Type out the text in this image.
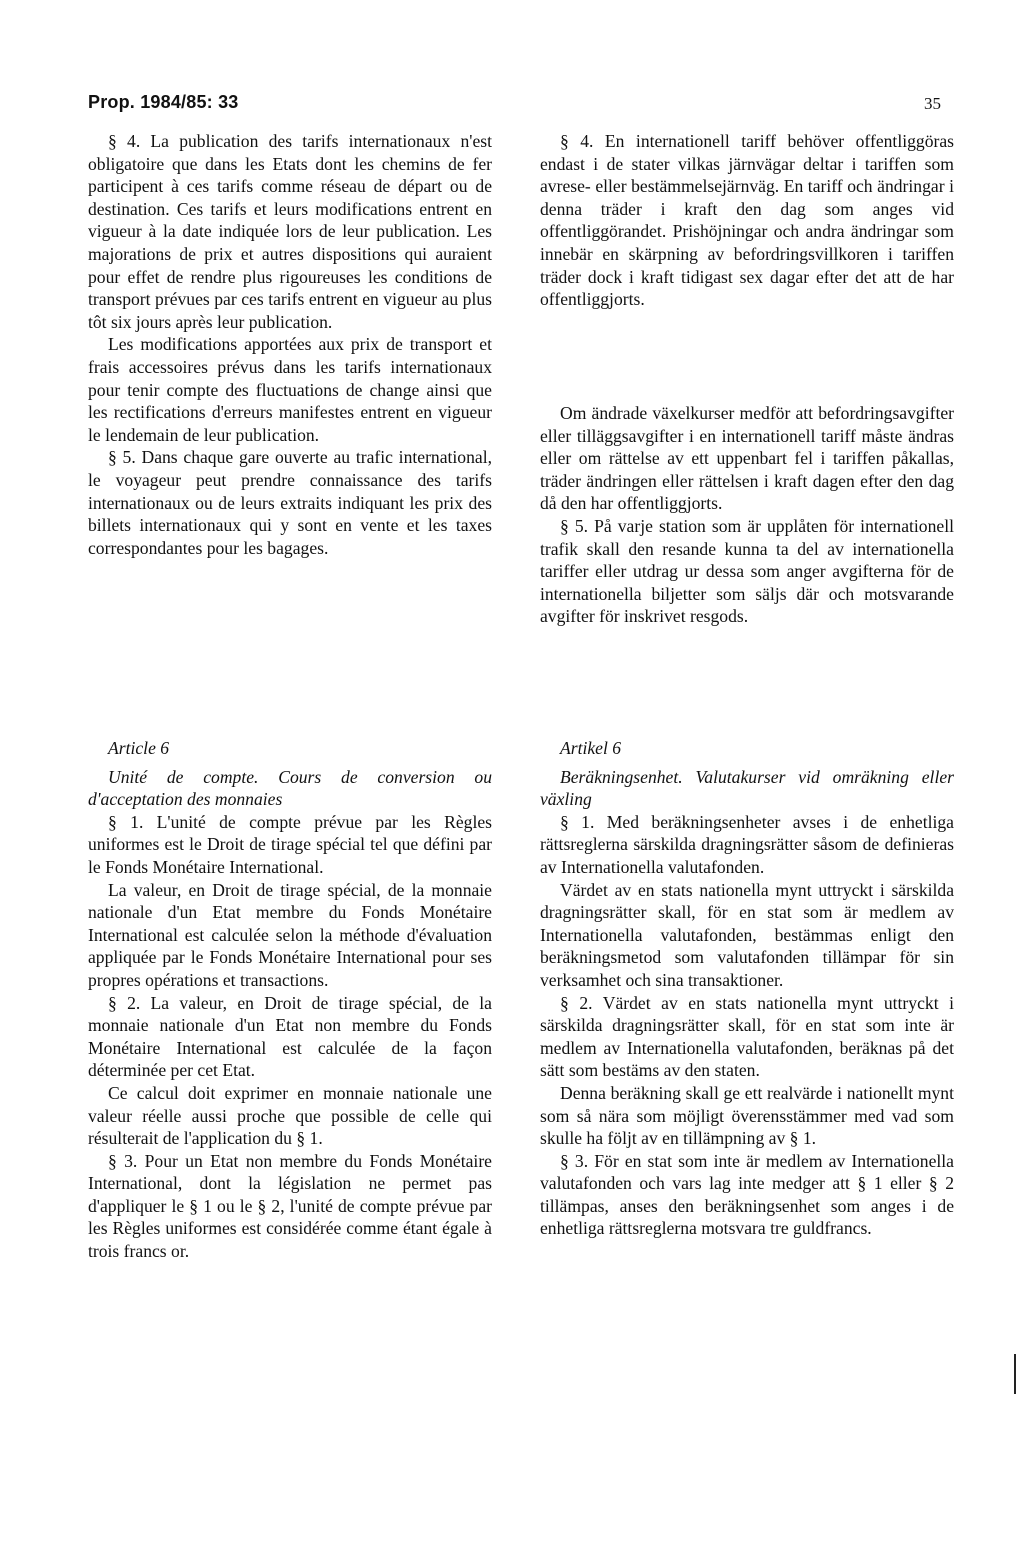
Prop. 1984/85: 33	35

§ 4. La publication des tarifs internationaux n'est obligatoire que dans les Etats dont les chemins de fer participent à ces tarifs comme réseau de départ ou de destination. Ces tarifs et leurs modifications entrent en vigueur à la date indiquée lors de leur publication. Les majorations de prix et autres dispositions qui auraient pour effet de rendre plus rigoureuses les conditions de transport prévues par ces tarifs entrent en vigueur au plus tôt six jours après leur publication.

Les modifications apportées aux prix de transport et frais accessoires prévus dans les tarifs internationaux pour tenir compte des fluctuations de change ainsi que les rectifications d'erreurs manifestes entrent en vigueur le lendemain de leur publication.

§ 5. Dans chaque gare ouverte au trafic international, le voyageur peut prendre connaissance des tarifs internationaux ou de leurs extraits indiquant les prix des billets internationaux qui y sont en vente et les taxes correspondantes pour les bagages.

Article 6

Unité de compte. Cours de conversion ou d'acceptation des monnaies

§ 1. L'unité de compte prévue par les Règles uniformes est le Droit de tirage spécial tel que défini par le Fonds Monétaire International.

La valeur, en Droit de tirage spécial, de la monnaie nationale d'un Etat membre du Fonds Monétaire International est calculée selon la méthode d'évaluation appliquée par le Fonds Monétaire International pour ses propres opérations et transactions.

§ 2. La valeur, en Droit de tirage spécial, de la monnaie nationale d'un Etat non membre du Fonds Monétaire International est calculée de la façon déterminée per cet Etat.

Ce calcul doit exprimer en monnaie nationale une valeur réelle aussi proche que possible de celle qui résulterait de l'application du § 1.

§ 3. Pour un Etat non membre du Fonds Monétaire International, dont la législation ne permet pas d'appliquer le § 1 ou le § 2, l'unité de compte prévue par les Règles uniformes est considérée comme étant égale à trois francs or.

§ 4. En internationell tariff behöver offentliggöras endast i de stater vilkas järnvägar deltar i tariffen som avrese- eller bestämmelsejärnväg. En tariff och ändringar i denna träder i kraft den dag som anges vid offentliggörandet. Prishöjningar och andra ändringar som innebär en skärpning av befordringsvillkoren i tariffen träder dock i kraft tidigast sex dagar efter det att de har offentliggjorts.

Om ändrade växelkurser medför att befordringsavgifter eller tilläggsavgifter i en internationell tariff måste ändras eller om rättelse av ett uppenbart fel i tariffen påkallas, träder ändringen eller rättelsen i kraft dagen efter den dag då den har offentliggjorts.

§ 5. På varje station som är upplåten för internationell trafik skall den resande kunna ta del av internationella tariffer eller utdrag ur dessa som anger avgifterna för de internationella biljetter som säljs där och motsvarande avgifter för inskrivet resgods.

Artikel 6

Beräkningsenhet. Valutakurser vid omräkning eller växling

§ 1. Med beräkningsenheter avses i de enhetliga rättsreglerna särskilda dragningsrätter såsom de definieras av Internationella valutafonden.

Värdet av en stats nationella mynt uttryckt i särskilda dragningsrätter skall, för en stat som är medlem av Internationella valutafonden, bestämmas enligt den beräkningsmetod som valutafonden tillämpar för sin verksamhet och sina transaktioner.

§ 2. Värdet av en stats nationella mynt uttryckt i särskilda dragningsrätter skall, för en stat som inte är medlem av Internationella valutafonden, beräknas på det sätt som bestäms av den staten.

Denna beräkning skall ge ett realvärde i nationellt mynt som så nära som möjligt överensstämmer med vad som skulle ha följt av en tillämpning av § 1.

§ 3. För en stat som inte är medlem av Internationella valutafonden och vars lag inte medger att § 1 eller § 2 tillämpas, anses den beräkningsenhet som anges i de enhetliga rättsreglerna motsvara tre guldfrancs.
